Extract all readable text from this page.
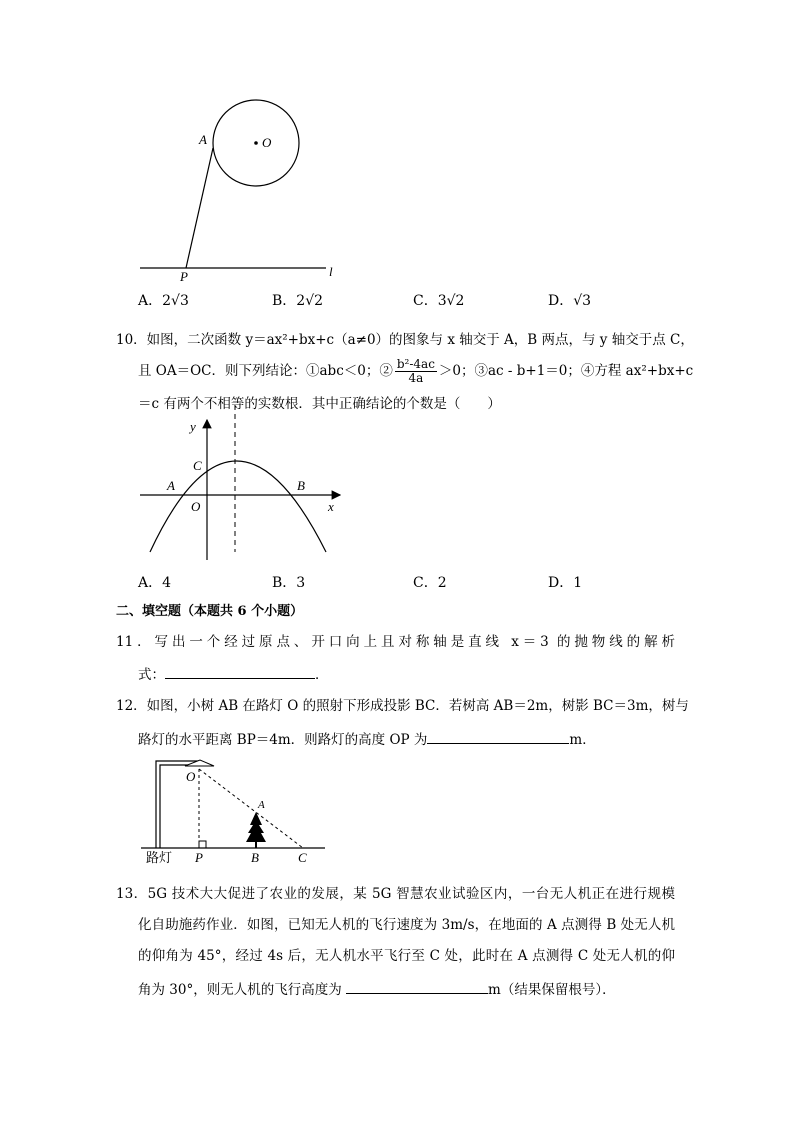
A	O
P	l
A．2√3	B．2√2	C．3√2	D．√3
10．如图，二次函数 y＝ax²+bx+c（a≠0）的图象与 x 轴交于 A，B 两点，与 y 轴交于点 C，
且 OA＝OC．则下列结论：①abc＜0；② $\frac{\text{b²-4ac}}{4a} >0$；③ac - b+1＝0；④方程 ax²+bx+c
＝c 有两个不相等的实数根．其中正确结论的个数是（　　）
y
C
A
O
B
x
A．4	B．3	C．2	D．1
二、填空题（本题共 6 个小题）
11．写出一个经过原点、开口向上且对称轴是直线 x＝3 的抛物线的解析
式：	．
12．如图，小树 AB 在路灯 O 的照射下形成投影 BC．若树高 AB＝2m，树影 BC＝3m，树与
路灯的水平距离 BP＝4m．则路灯的高度 OP 为	m．
O
A
路灯 P	B	C
13．5G 技术大大促进了农业的发展，某 5G 智慧农业试验区内，一台无人机正在进行规模
化自助施药作业．如图，已知无人机的飞行速度为 3m/s，在地面的 A 点测得 B 处无人机
的仰角为 45°，经过 4s 后，无人机水平飞行至 C 处，此时在 A 点测得 C 处无人机的仰
角为 30°，则无人机的飞行高度为	m（结果保留根号）．
